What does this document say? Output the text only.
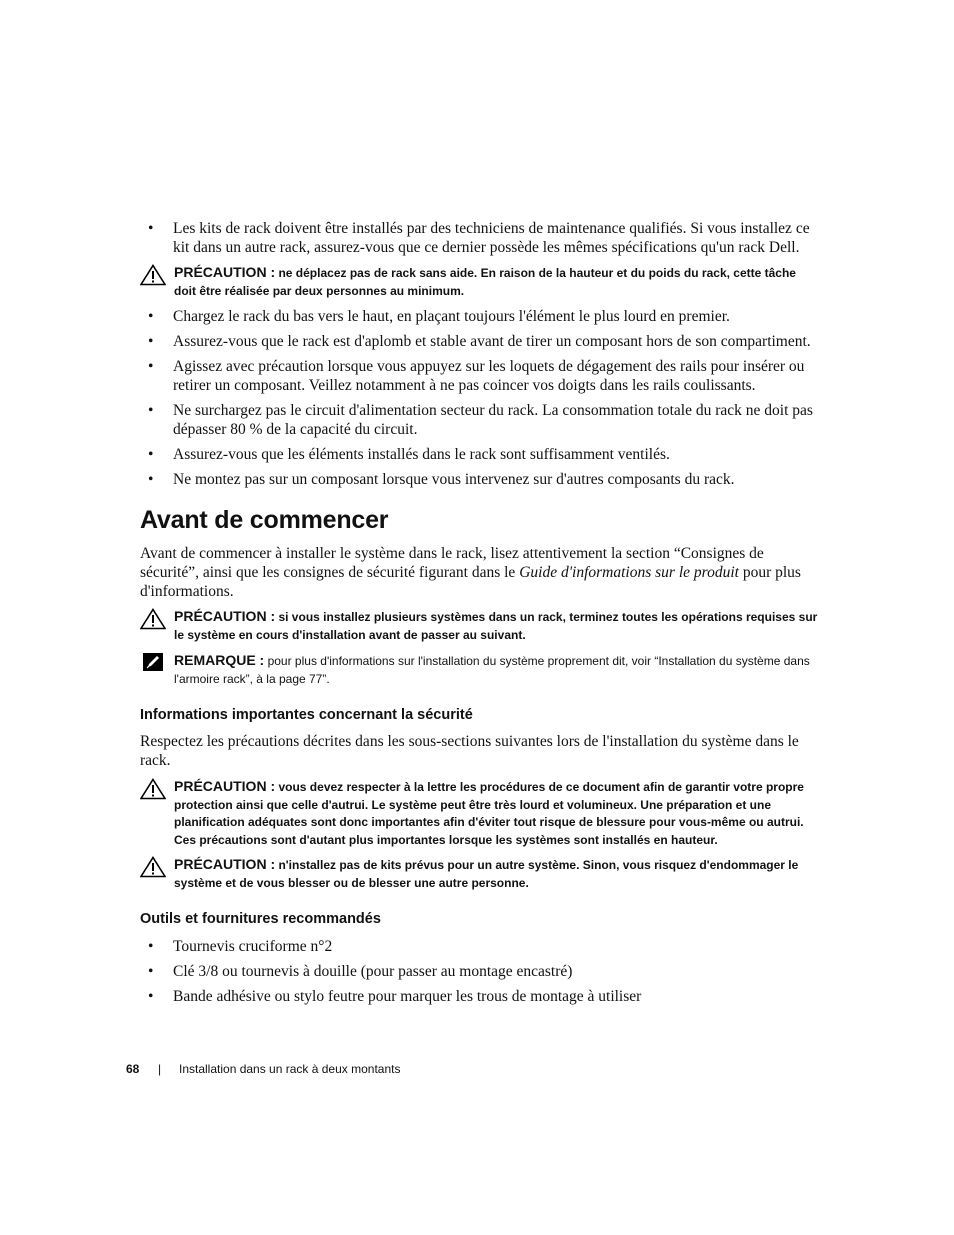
• Les kits de rack doivent être installés par des techniciens de maintenance qualifiés. Si vous installez ce kit dans un autre rack, assurez-vous que ce dernier possède les mêmes spécifications qu'un rack Dell.
PRÉCAUTION : ne déplacez pas de rack sans aide. En raison de la hauteur et du poids du rack, cette tâche doit être réalisée par deux personnes au minimum.
• Chargez le rack du bas vers le haut, en plaçant toujours l'élément le plus lourd en premier.
• Assurez-vous que le rack est d'aplomb et stable avant de tirer un composant hors de son compartiment.
• Agissez avec précaution lorsque vous appuyez sur les loquets de dégagement des rails pour insérer ou retirer un composant. Veillez notamment à ne pas coincer vos doigts dans les rails coulissants.
• Ne surchargez pas le circuit d'alimentation secteur du rack. La consommation totale du rack ne doit pas dépasser 80 % de la capacité du circuit.
• Assurez-vous que les éléments installés dans le rack sont suffisamment ventilés.
• Ne montez pas sur un composant lorsque vous intervenez sur d'autres composants du rack.
Avant de commencer

Avant de commencer à installer le système dans le rack, lisez attentivement la section “Consignes de sécurité”, ainsi que les consignes de sécurité figurant dans le Guide d'informations sur le produit pour plus d'informations.

PRÉCAUTION : si vous installez plusieurs systèmes dans un rack, terminez toutes les opérations requises sur le système en cours d'installation avant de passer au suivant.
REMARQUE : pour plus d'informations sur l'installation du système proprement dit, voir “Installation du système dans l'armoire rack”, à la page 77”.
Informations importantes concernant la sécurité

Respectez les précautions décrites dans les sous-sections suivantes lors de l'installation du système dans le rack.

PRÉCAUTION : vous devez respecter à la lettre les procédures de ce document afin de garantir votre propre protection ainsi que celle d'autrui. Le système peut être très lourd et volumineux. Une préparation et une planification adéquates sont donc importantes afin d'éviter tout risque de blessure pour vous-même ou autrui. Ces précautions sont d'autant plus importantes lorsque les systèmes sont installés en hauteur.
PRÉCAUTION : n'installez pas de kits prévus pour un autre système. Sinon, vous risquez d'endommager le système et de vous blesser ou de blesser une autre personne.
Outils et fournitures recommandés
• Tournevis cruciforme n°2
• Clé 3/8 ou tournevis à douille (pour passer au montage encastré)
• Bande adhésive ou stylo feutre pour marquer les trous de montage à utiliser
68 | Installation dans un rack à deux montants
